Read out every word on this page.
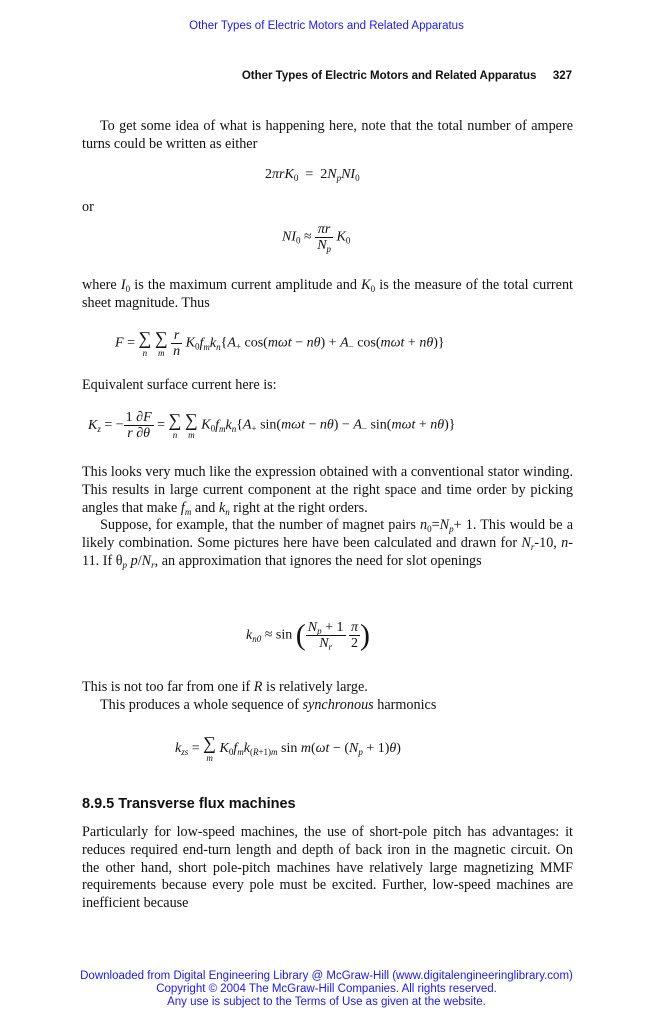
Other Types of Electric Motors and Related Apparatus
Other Types of Electric Motors and Related Apparatus 327

To get some idea of what is happening here, note that the total number of ampere turns could be written as either

$2\pi rK_0 = 2N_pNI_0$
or
$NI_0 \approx \frac{\pi r}{N_p} K_0$

where $I_0$ is the maximum current amplitude and $K_0$ is the measure of the total current sheet magnitude. Thus

F = ∑
n

∑
m
$\frac{r}{n} K_0f_mk_n\{A_+$ $\cos(m\omega t - n\theta) + A_-$ cos(mωt + nθ)}

Equivalent surface current here is:

$K_z$ = − $\frac{1 \partial F}{r \partial\theta}$ = ∑
n

∑
m
$K_0f_mk_n\{A_+$ $\sin(m\omega t - n\theta) - A_-$ sin(mωt + nθ)}

This looks very much like the expression obtained with a conventional stator winding. This results in large current component at the right space and time order by picking angles that make $f_m$ and $k_n$ right at the right orders.

Suppose, for example, that the number of magnet pairs $n_0=N_p+ 1$. This would be a likely combination. Some pictures here have been calculated and drawn for $N_r-10$, n-11. If $\theta_p$ $p/N_r$, an approximation that ignores the need for slot openings

$k_{n0} \approx \sin$ ( $\frac{N_p + 1}{N_r}$
$\frac{\pi}{2}$ )

This is not too far from one if R is relatively large.

This produces a whole sequence of synchronous harmonics

$k_{zs}$ = ∑
m
$K_0f_mk_{(R+1)m}$ $\sin m(\omega t - (N_p + 1)\theta)$
8.9.5 Transverse flux machines

Particularly for low-speed machines, the use of short-pole pitch has advantages: it reduces required end-turn length and depth of back iron in the magnetic circuit. On the other hand, short pole-pitch machines have relatively large magnetizing MMF requirements because every pole must be excited. Further, low-speed machines are inefficient because

Downloaded from Digital Engineering Library @ McGraw-Hill (www.digitalengineeringlibrary.com)
Copyright © 2004 The McGraw-Hill Companies. All rights reserved.
Any use is subject to the Terms of Use as given at the website.
